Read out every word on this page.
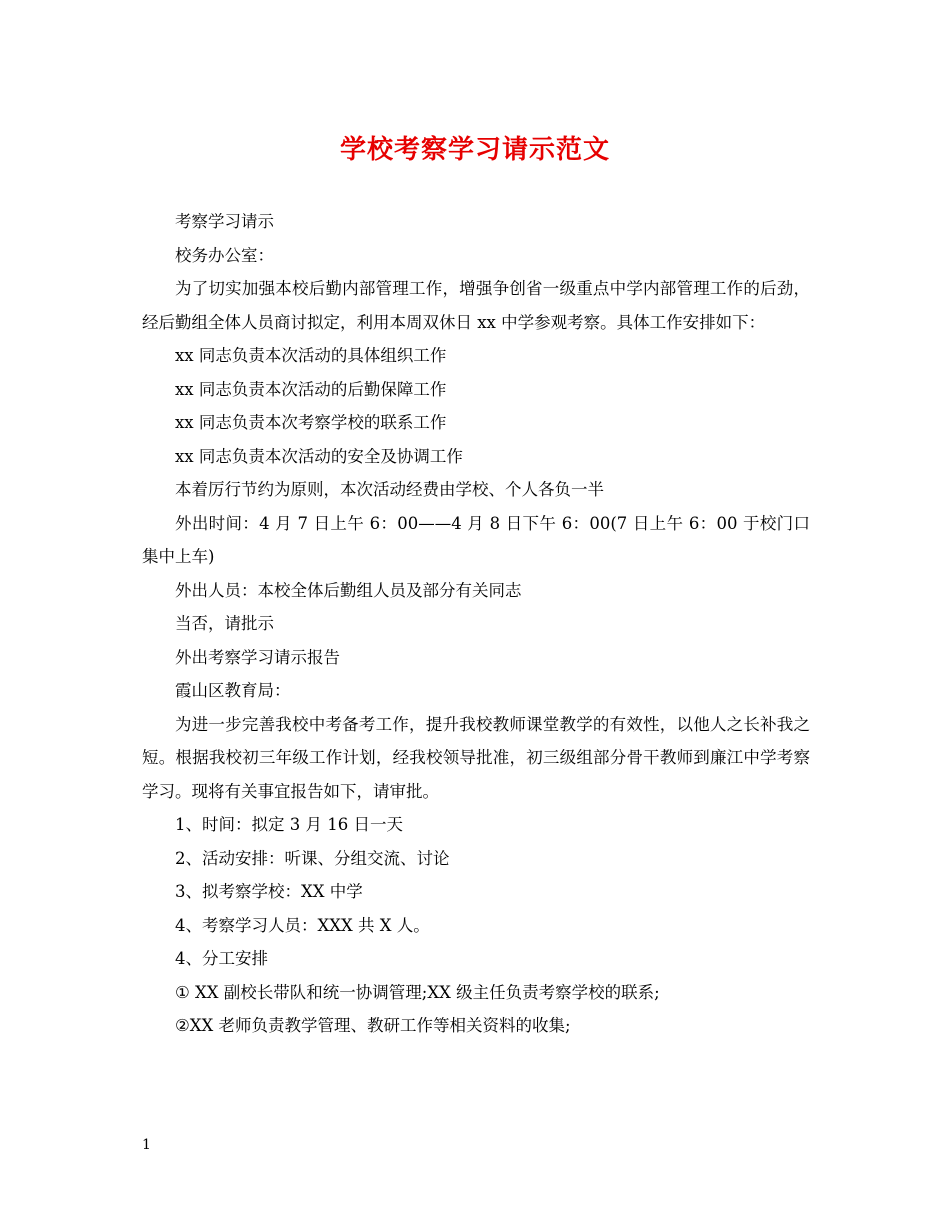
学校考察学习请示范文

考察学习请示

校务办公室：

为了切实加强本校后勤内部管理工作，增强争创省一级重点中学内部管理工作的后劲，经后勤组全体人员商讨拟定，利用本周双休日 xx 中学参观考察。具体工作安排如下：

xx 同志负责本次活动的具体组织工作

xx 同志负责本次活动的后勤保障工作

xx 同志负责本次考察学校的联系工作

xx 同志负责本次活动的安全及协调工作

本着厉行节约为原则，本次活动经费由学校、个人各负一半

外出时间：4 月 7 日上午 6：00——4 月 8 日下午 6：00(7 日上午 6：00 于校门口集中上车)

外出人员：本校全体后勤组人员及部分有关同志

当否，请批示

外出考察学习请示报告

霞山区教育局：

为进一步完善我校中考备考工作，提升我校教师课堂教学的有效性，以他人之长补我之短。根据我校初三年级工作计划，经我校领导批准，初三级组部分骨干教师到廉江中学考察学习。现将有关事宜报告如下，请审批。

1、时间：拟定 3 月 16 日一天

2、活动安排：听课、分组交流、讨论

3、拟考察学校：XX 中学

4、考察学习人员：XXX 共 X 人。

4、分工安排

① XX 副校长带队和统一协调管理;XX 级主任负责考察学校的联系;

②XX 老师负责教学管理、教研工作等相关资料的收集;

1
